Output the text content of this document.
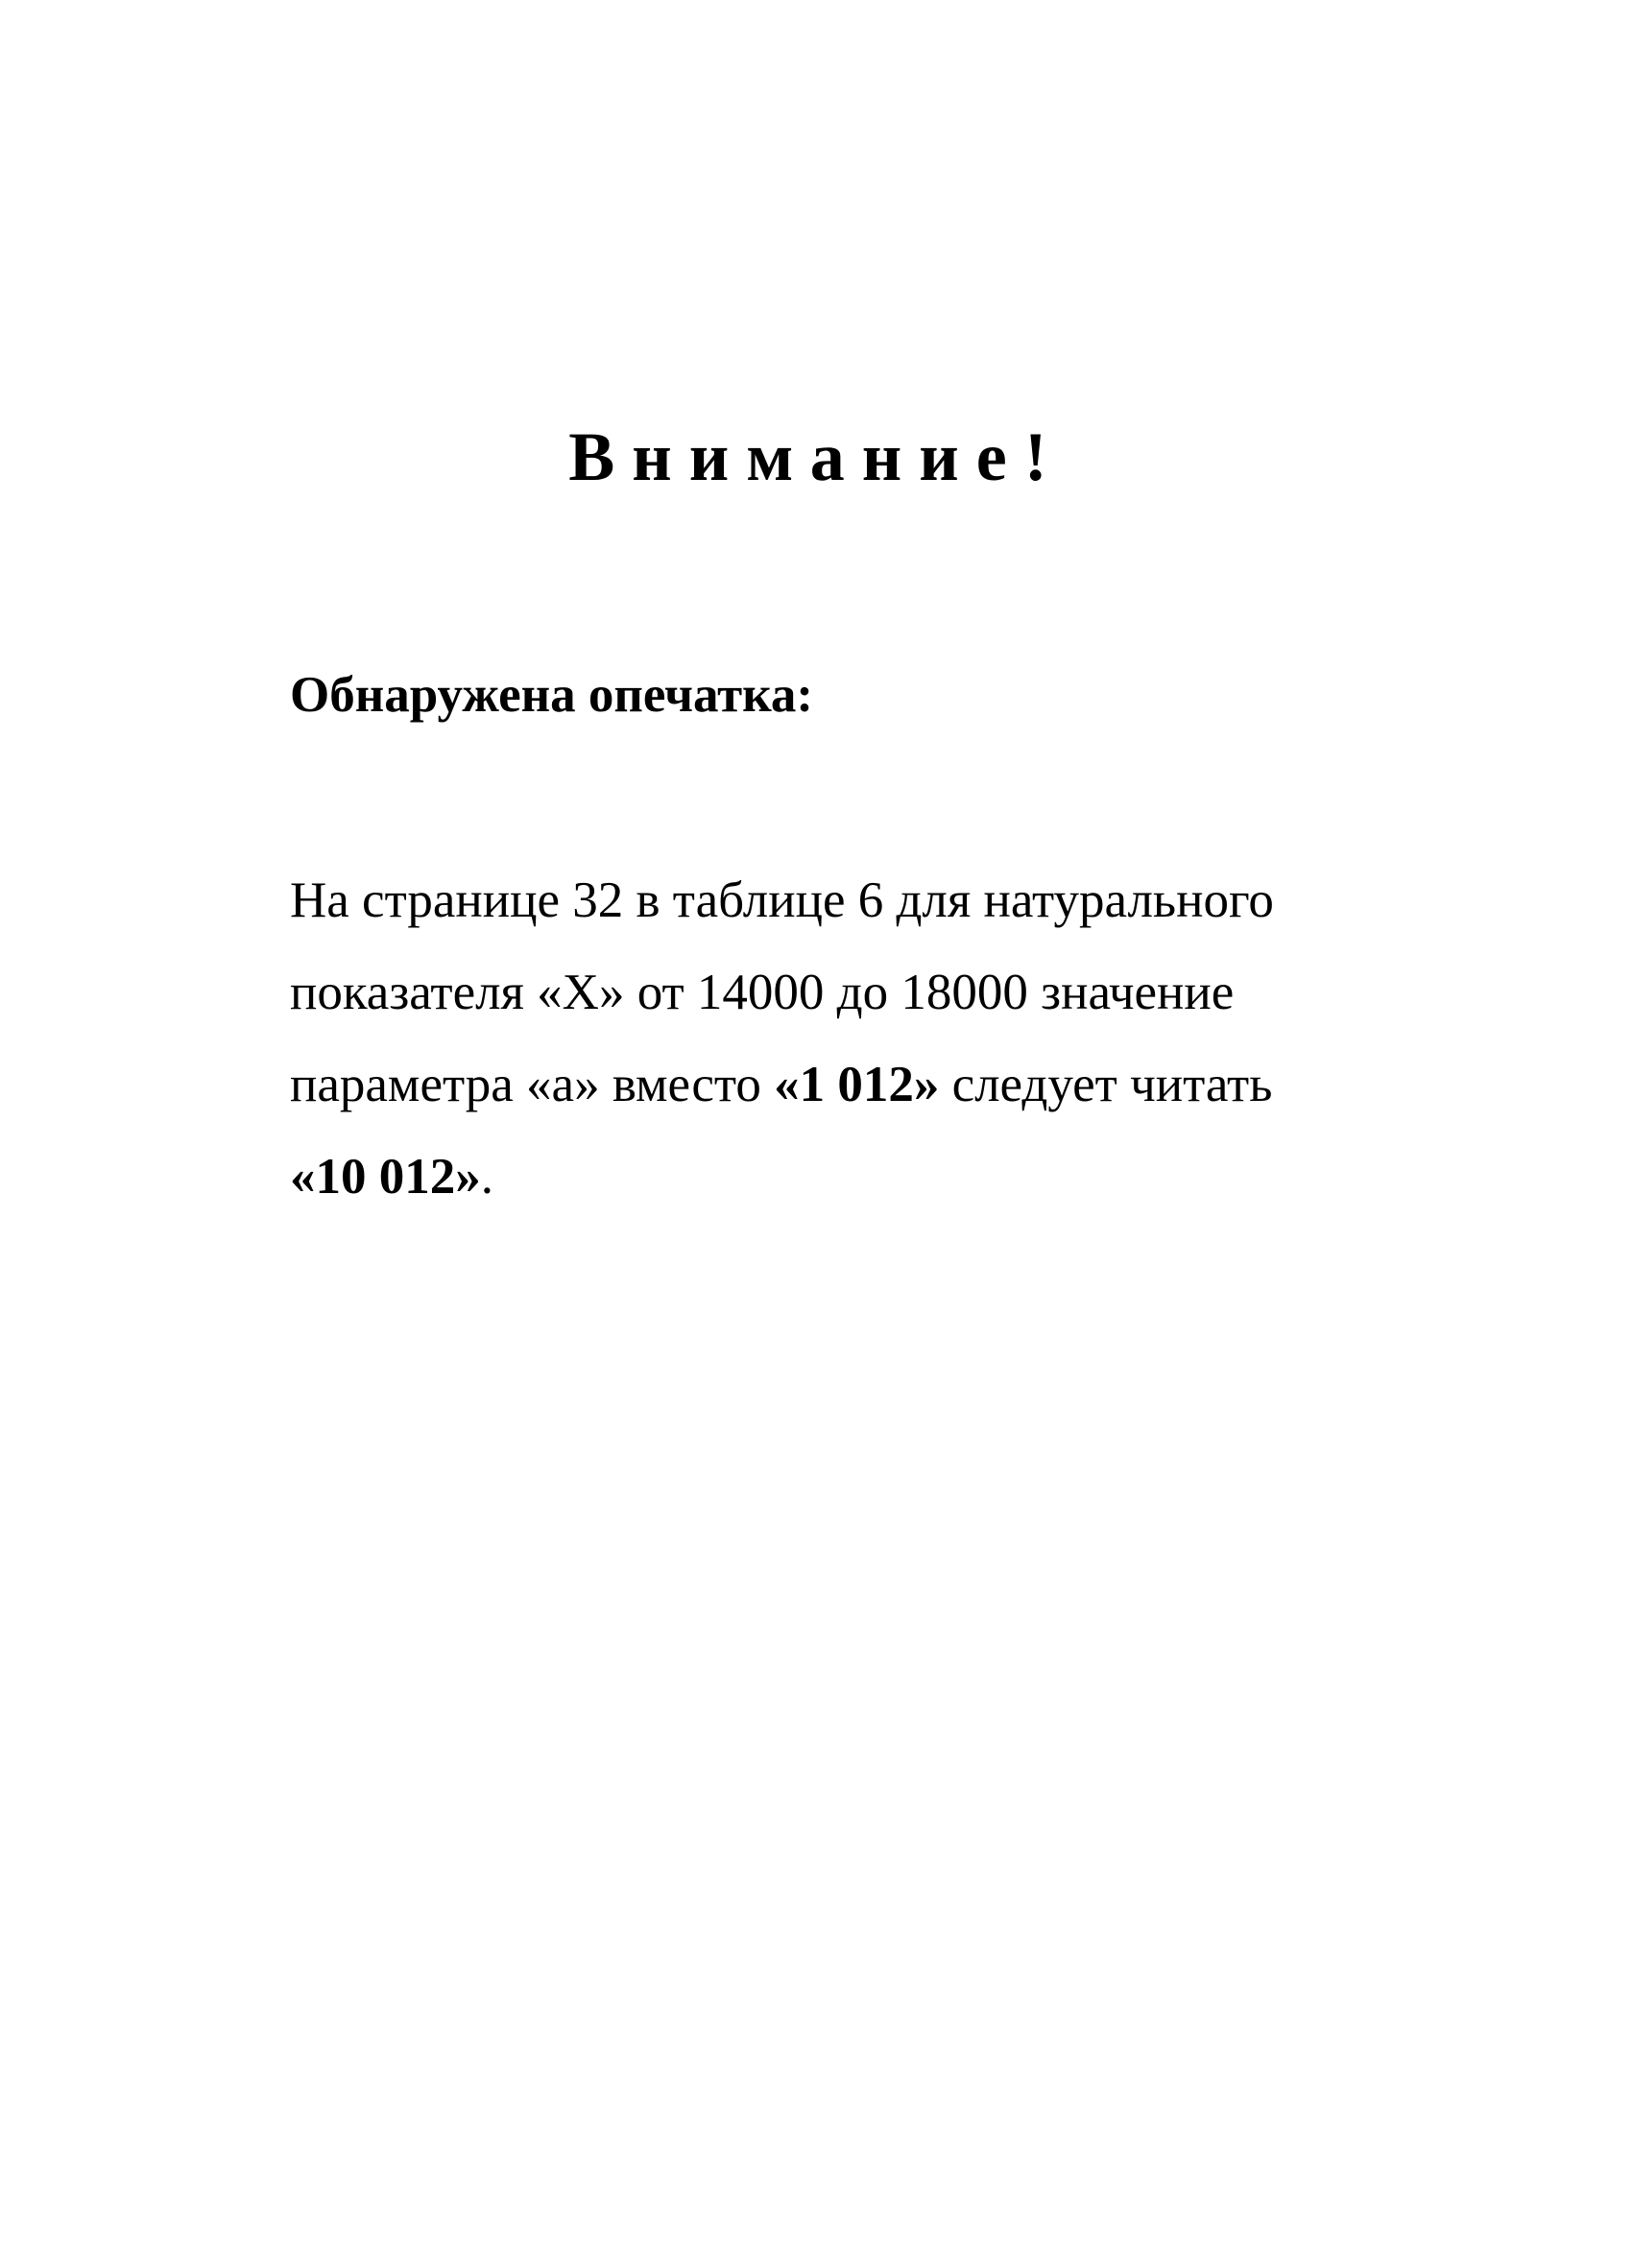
Внимание!
Обнаружена опечатка:
На странице 32 в таблице 6 для натурального
показателя «Х» от 14000 до 18000 значение
параметра «а» вместо «1 012» следует читать
«10 012».
